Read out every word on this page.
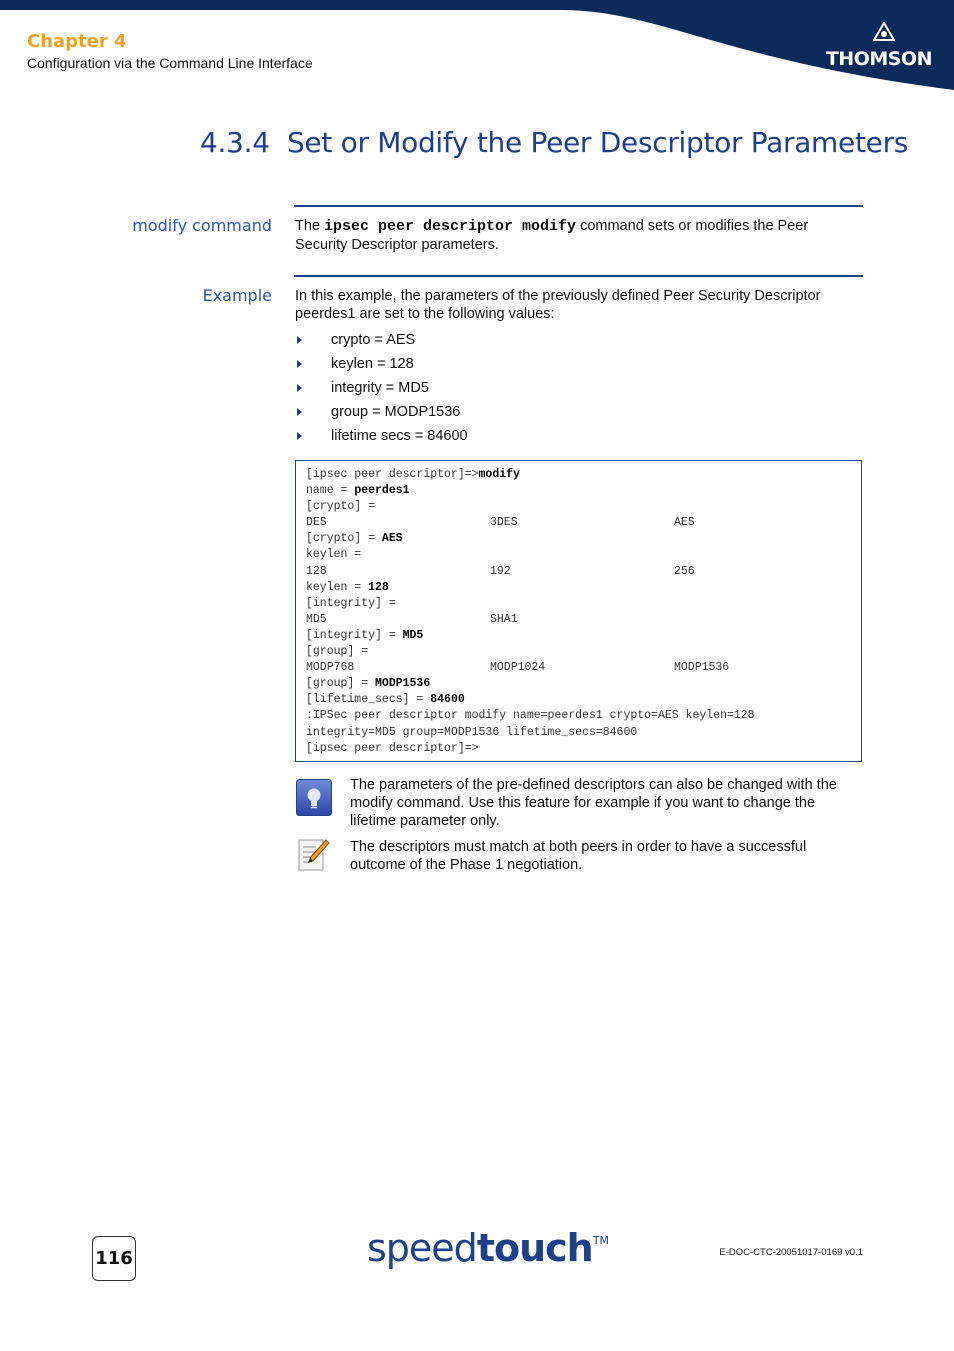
THOMSON
Chapter 4
Configuration via the Command Line Interface
4.3.4  Set or Modify the Peer Descriptor Parameters
modify command The ipsec peer descriptor modify command sets or modifies the Peer Security Descriptor parameters.
Example In this example, the parameters of the previously defined Peer Security Descriptor peerdes1 are set to the following values:
crypto = AES
keylen = 128
integrity = MD5
group = MODP1536
lifetime secs = 84600
[ipsec peer descriptor]=>modify
name = peerdes1
[crypto] =
DES	3DES	AES
[crypto] = AES
keylen =
128	192	256
keylen = 128
[integrity] =
MD5	SHA1
[integrity] = MD5
[group] =
MODP768	MODP1024	MODP1536
[group] = MODP1536
[lifetime_secs] = 84600
:IPSec peer descriptor modify name=peerdes1 crypto=AES keylen=128
integrity=MD5 group=MODP1536 lifetime_secs=84600
[ipsec peer descriptor]=>
The parameters of the pre-defined descriptors can also be changed with the modify command. Use this feature for example if you want to change the lifetime parameter only.
The descriptors must match at both peers in order to have a successful outcome of the Phase 1 negotiation.
116	speedtouch™
E-DOC-CTC-20051017-0169 v0.1
